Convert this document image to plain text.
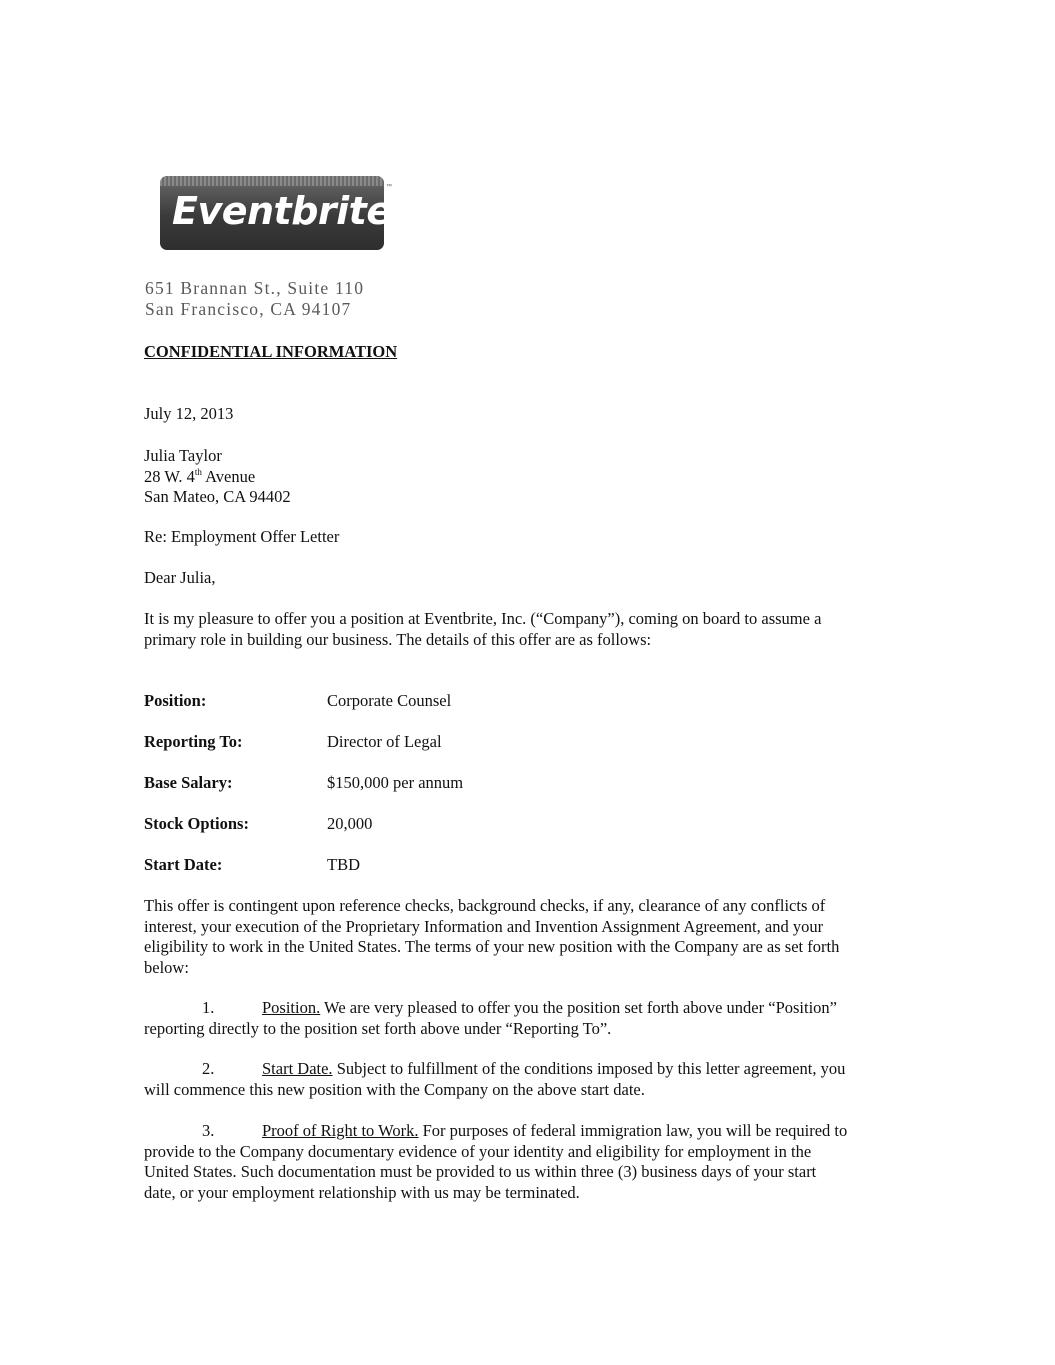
Eventbrite
™
651 Brannan St., Suite 110
San Francisco, CA 94107
CONFIDENTIAL INFORMATION
July 12, 2013
Julia Taylor
28 W. 4th Avenue
San Mateo, CA 94402
Re: Employment Offer Letter
Dear Julia,
It is my pleasure to offer you a position at Eventbrite, Inc. (“Company”), coming on board to assume a
primary role in building our business. The details of this offer are as follows:
Position:	Corporate Counsel
Reporting To:	Director of Legal
Base Salary:	$150,000 per annum
Stock Options:	20,000
Start Date:	TBD
This offer is contingent upon reference checks, background checks, if any, clearance of any conflicts of
interest, your execution of the Proprietary Information and Invention Assignment Agreement, and your
eligibility to work in the United States. The terms of your new position with the Company are as set forth
below:
1.	Position. We are very pleased to offer you the position set forth above under “Position”
reporting directly to the position set forth above under “Reporting To”.
2.	Start Date. Subject to fulfillment of the conditions imposed by this letter agreement, you
will commence this new position with the Company on the above start date.
3.	Proof of Right to Work. For purposes of federal immigration law, you will be required to
provide to the Company documentary evidence of your identity and eligibility for employment in the
United States. Such documentation must be provided to us within three (3) business days of your start
date, or your employment relationship with us may be terminated.
